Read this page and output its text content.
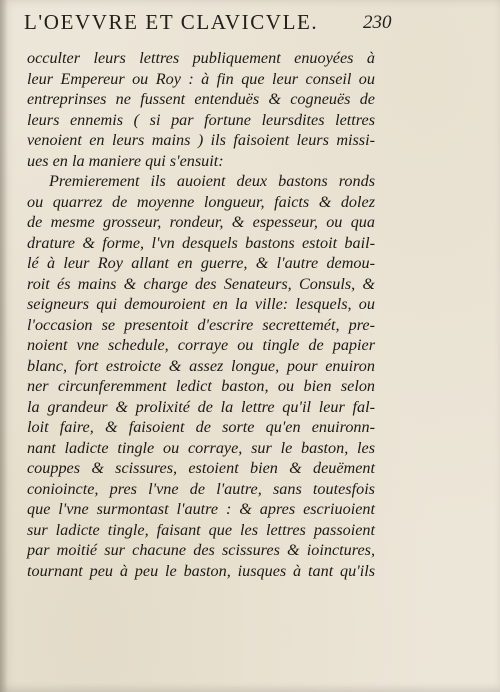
L'OEVVRE ET CLAVICVLE. 230
occulter leurs lettres publiquement enuoyées à
leur Empereur ou Roy : à fin que leur conseil ou
entreprinses ne fussent entenduës & cogneuës de
leurs ennemis ( si par fortune leursdites lettres
venoient en leurs mains ) ils faisoient leurs missi-
ues en la maniere qui s'ensuit:
Premierement ils auoient deux bastons ronds
ou quarrez de moyenne longueur, faicts & dolez
de mesme grosseur, rondeur, & espesseur, ou qua
drature & forme, l'vn desquels bastons estoit bail-
lé à leur Roy allant en guerre, & l'autre demou-
roit és mains & charge des Senateurs, Consuls, &
seigneurs qui demouroient en la ville: lesquels, ou
l'occasion se presentoit d'escrire secrettemét, pre-
noient vne schedule, corraye ou tingle de papier
blanc, fort estroicte & assez longue, pour enuiron
ner circunferemment ledict baston, ou bien selon
la grandeur & prolixité de la lettre qu'il leur fal-
loit faire, & faisoient de sorte qu'en enuironn-
nant ladicte tingle ou corraye, sur le baston, les
couppes & scissures, estoient bien & deuëment
conioincte, pres l'vne de l'autre, sans toutesfois
que l'vne surmontast l'autre : & apres escriuoient
sur ladicte tingle, faisant que les lettres passoient
par moitié sur chacune des scissures & ioinctures,
tournant peu à peu le baston, iusques à tant qu'ils
